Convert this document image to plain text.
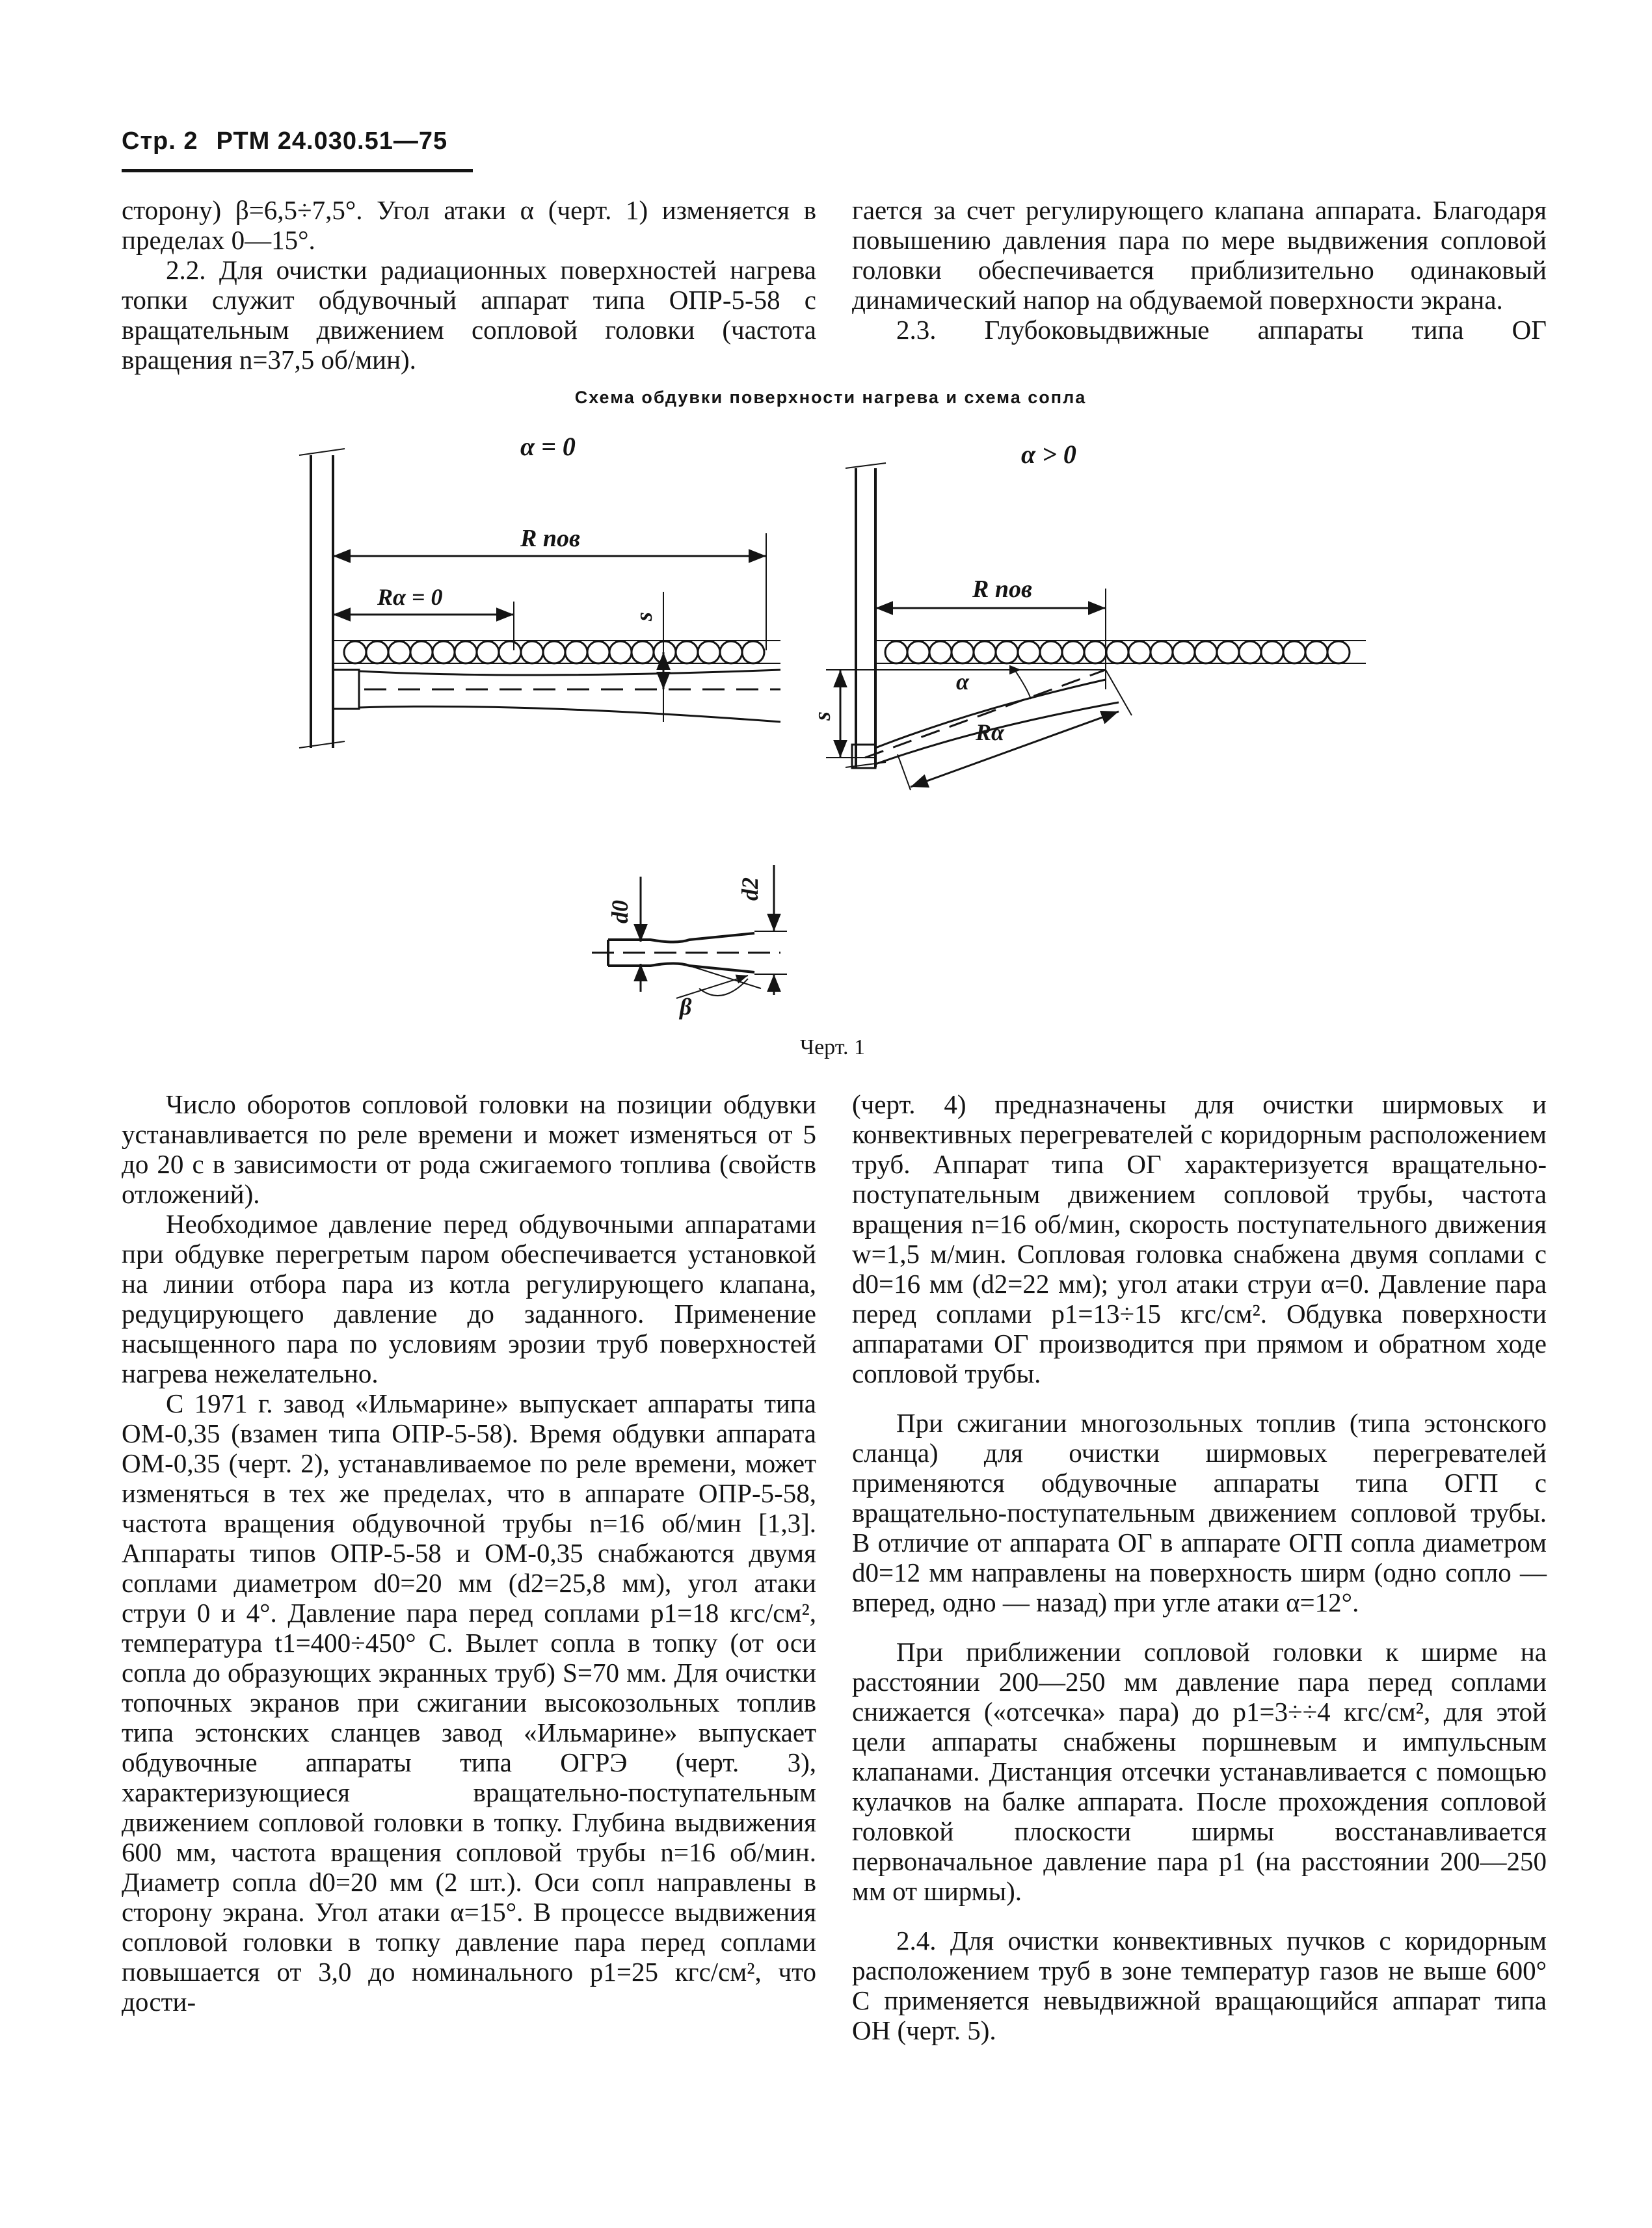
Стр. 2 РТМ 24.030.51—75

сторону) β=6,5÷7,5°. Угол атаки α (черт. 1) изменяется в пределах 0—15°.

2.2. Для очистки радиационных поверхностей нагрева топки служит обдувочный аппарат типа ОПР-5-58 с вращательным движением сопловой головки (частота вращения n=37,5 об/мин).

гается за счет регулирующего клапана аппарата. Благодаря повышению давления пара по мере выдвижения сопловой головки обеспечивается приблизительно одинаковый динамический напор на обдуваемой поверхности экрана.

2.3. Глубоковыдвижные аппараты типа ОГ

Схема обдувки поверхности нагрева и схема сопла
α = 0	α > 0
R пов
Rα = 0
s
R пов
α
Rα
s
d0
d2
β
Черт. 1

Число оборотов сопловой головки на позиции обдувки устанавливается по реле времени и может изменяться от 5 до 20 с в зависимости от рода сжигаемого топлива (свойств отложений).

Необходимое давление перед обдувочными аппаратами при обдувке перегретым паром обеспечивается установкой на линии отбора пара из котла регулирующего клапана, редуцирующего давление до заданного. Применение насыщенного пара по условиям эрозии труб поверхностей нагрева нежелательно.

С 1971 г. завод «Ильмарине» выпускает аппараты типа ОМ-0,35 (взамен типа ОПР-5-58). Время обдувки аппарата ОМ-0,35 (черт. 2), устанавливаемое по реле времени, может изменяться в тех же пределах, что в аппарате ОПР-5-58, частота вращения обдувочной трубы n=16 об/мин [1,3]. Аппараты типов ОПР-5-58 и ОМ-0,35 снабжаются двумя соплами диаметром d0=20 мм (d2=25,8 мм), угол атаки струи 0 и 4°. Давление пара перед соплами p1=18 кгс/см², температура t1=400÷450° С. Вылет сопла в топку (от оси сопла до образующих экранных труб) S=70 мм. Для очистки топочных экранов при сжигании высокозольных топлив типа эстонских сланцев завод «Ильмарине» выпускает обдувочные аппараты типа ОГРЭ (черт. 3), характеризующиеся вращательно-поступательным движением сопловой головки в топку. Глубина выдвижения 600 мм, частота вращения сопловой трубы n=16 об/мин. Диаметр сопла d0=20 мм (2 шт.). Оси сопл направлены в сторону экрана. Угол атаки α=15°. В процессе выдвижения сопловой головки в топку давление пара перед соплами повышается от 3,0 до номинального p1=25 кгс/см², что дости-

(черт. 4) предназначены для очистки ширмовых и конвективных перегревателей с коридорным расположением труб. Аппарат типа ОГ характеризуется вращательно-поступательным движением сопловой трубы, частота вращения n=16 об/мин, скорость поступательного движения w=1,5 м/мин. Сопловая головка снабжена двумя соплами с d0=16 мм (d2=22 мм); угол атаки струи α=0. Давление пара перед соплами p1=13÷15 кгс/см². Обдувка поверхности аппаратами ОГ производится при прямом и обратном ходе сопловой трубы.

При сжигании многозольных топлив (типа эстонского сланца) для очистки ширмовых перегревателей применяются обдувочные аппараты типа ОГП с вращательно-поступательным движением сопловой трубы. В отличие от аппарата ОГ в аппарате ОГП сопла диаметром d0=12 мм направлены на поверхность ширм (одно сопло — вперед, одно — назад) при угле атаки α=12°.

При приближении сопловой головки к ширме на расстоянии 200—250 мм давление пара перед соплами снижается («отсечка» пара) до p1=3÷÷4 кгс/см², для этой цели аппараты снабжены поршневым и импульсным клапанами. Дистанция отсечки устанавливается с помощью кулачков на балке аппарата. После прохождения сопловой головкой плоскости ширмы восстанавливается первоначальное давление пара p1 (на расстоянии 200—250 мм от ширмы).

2.4. Для очистки конвективных пучков с коридорным расположением труб в зоне температур газов не выше 600° С применяется невыдвижной вращающийся аппарат типа ОН (черт. 5).
